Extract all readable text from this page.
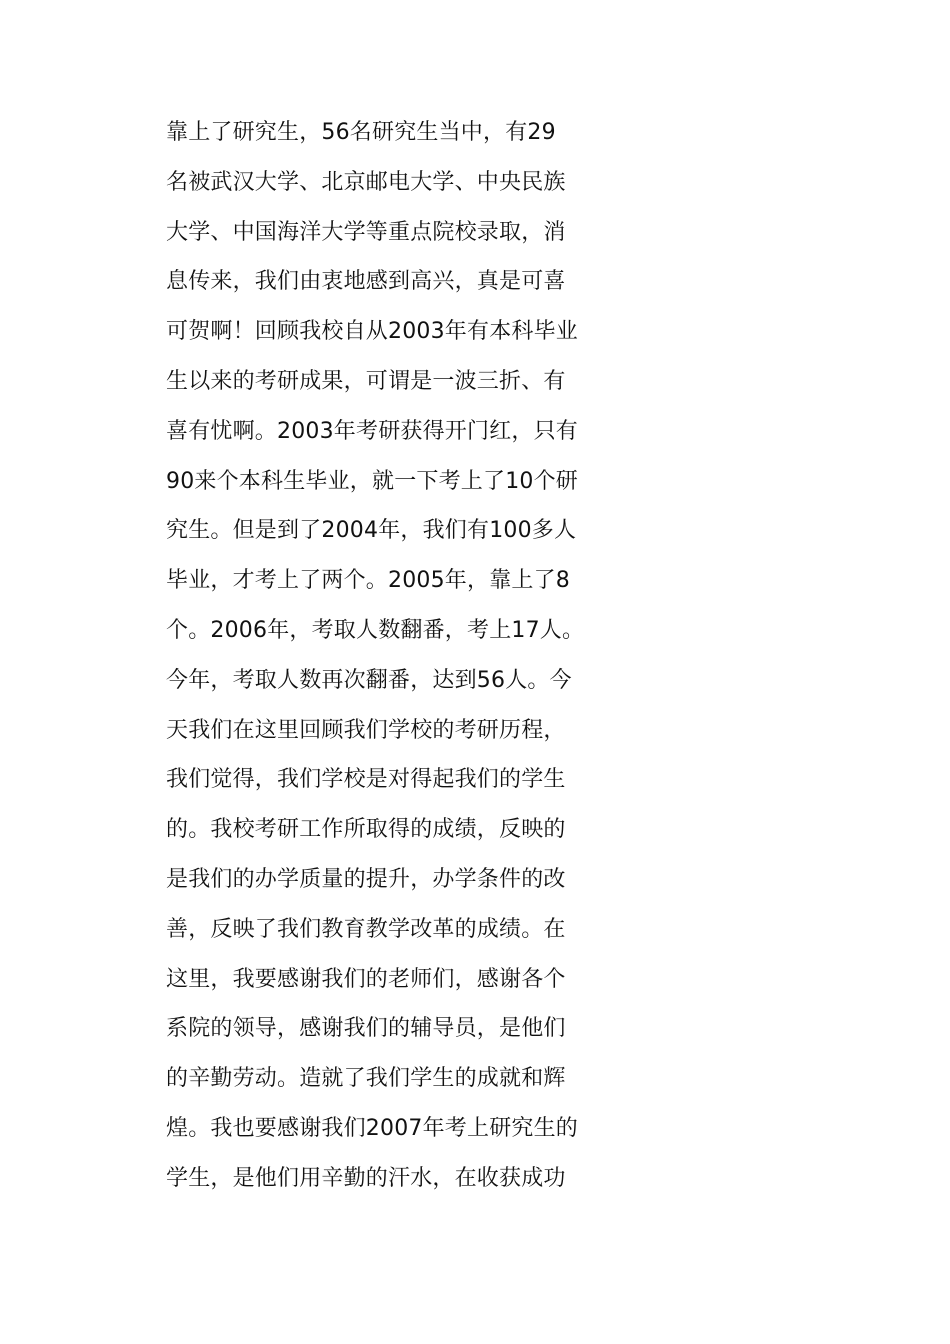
靠上了研究生，56名研究生当中，有29
名被武汉大学、北京邮电大学、中央民族
大学、中国海洋大学等重点院校录取，消
息传来，我们由衷地感到高兴，真是可喜
可贺啊！回顾我校自从2003年有本科毕业
生以来的考研成果，可谓是一波三折、有
喜有忧啊。2003年考研获得开门红，只有
90来个本科生毕业，就一下考上了10个研
究生。但是到了2004年，我们有100多人
毕业，才考上了两个。2005年，靠上了8
个。2006年，考取人数翻番，考上17人。
今年，考取人数再次翻番，达到56人。今
天我们在这里回顾我们学校的考研历程，
我们觉得，我们学校是对得起我们的学生
的。我校考研工作所取得的成绩，反映的
是我们的办学质量的提升，办学条件的改
善，反映了我们教育教学改革的成绩。在
这里，我要感谢我们的老师们，感谢各个
系院的领导，感谢我们的辅导员，是他们
的辛勤劳动。造就了我们学生的成就和辉
煌。我也要感谢我们2007年考上研究生的
学生，是他们用辛勤的汗水，在收获成功
